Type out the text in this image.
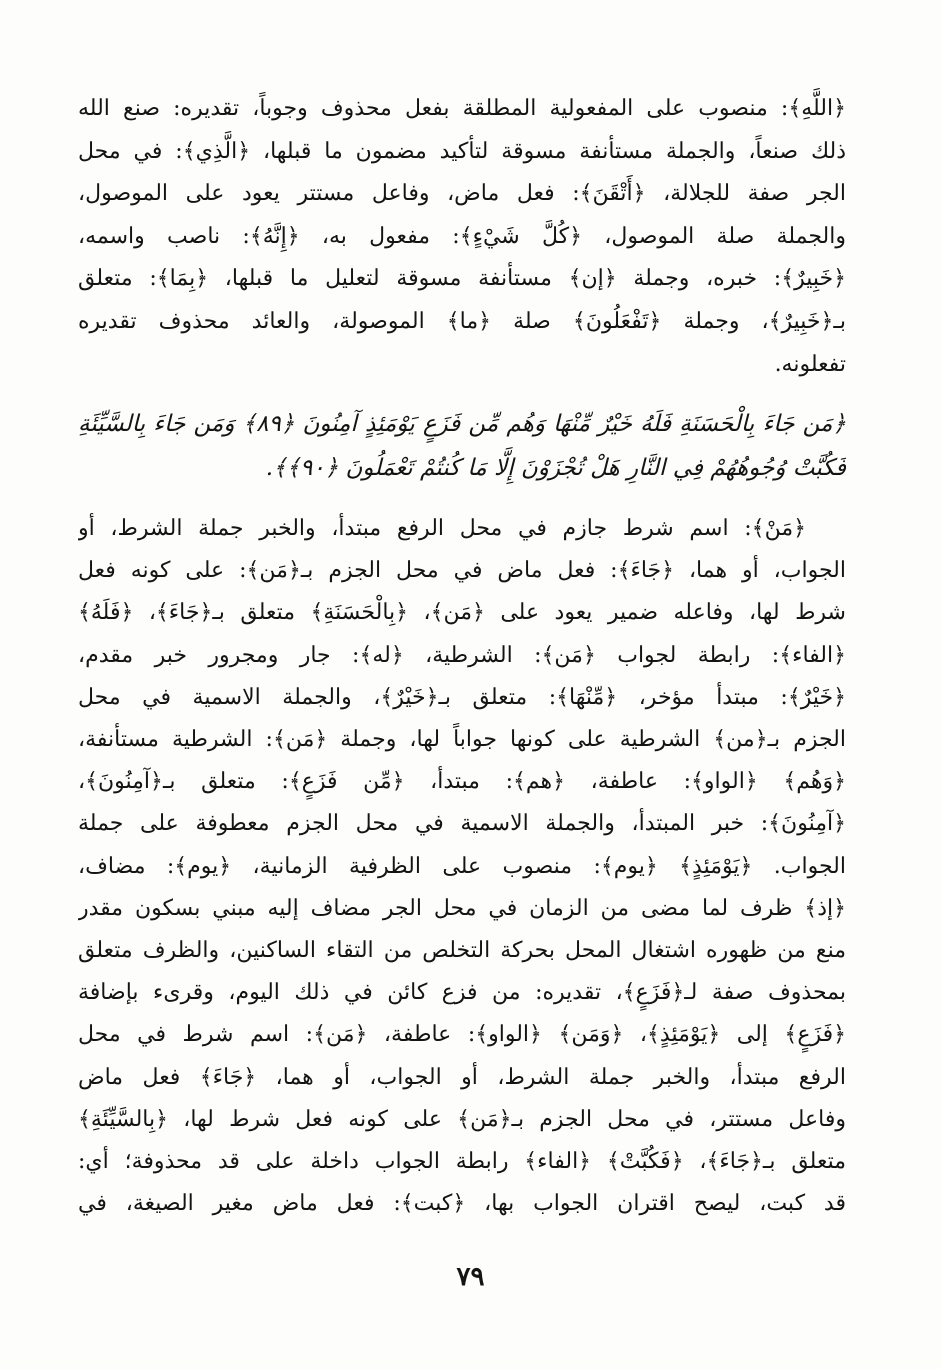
﴿اللَّهِ﴾: منصوب على المفعولية المطلقة بفعل محذوف وجوباً، تقديره: صنع الله
ذلك صنعاً، والجملة مستأنفة مسوقة لتأكيد مضمون ما قبلها، ﴿الَّذِي﴾: في محل
الجر صفة للجلالة، ﴿أَتْقَنَ﴾: فعل ماض، وفاعل مستتر يعود على الموصول،
والجملة صلة الموصول، ﴿كُلَّ شَيْءٍ﴾: مفعول به، ﴿إِنَّهُ﴾: ناصب واسمه،
﴿خَبِيرٌ﴾: خبره، وجملة ﴿إن﴾ مستأنفة مسوقة لتعليل ما قبلها، ﴿بِمَا﴾: متعلق
بـ﴿خَبِيرٌ﴾، وجملة ﴿تَفْعَلُونَ﴾ صلة ﴿ما﴾ الموصولة، والعائد محذوف تقديره
تفعلونه.
﴿مَن جَاءَ بِالْحَسَنَةِ فَلَهُ خَيْرٌ مِّنْهَا وَهُم مِّن فَزَعٍ يَوْمَئِذٍ آمِنُونَ ﴿٨٩﴾ وَمَن جَاءَ بِالسَّيِّئَةِ
فَكُبَّتْ وُجُوهُهُمْ فِي النَّارِ هَلْ تُجْزَوْنَ إِلَّا مَا كُنتُمْ تَعْمَلُونَ ﴿٩٠﴾﴾.
﴿مَنْ﴾: اسم شرط جازم في محل الرفع مبتدأ، والخبر جملة الشرط، أو
الجواب، أو هما، ﴿جَاءَ﴾: فعل ماض في محل الجزم بـ﴿مَن﴾: على كونه فعل
شرط لها، وفاعله ضمير يعود على ﴿مَن﴾، ﴿بِالْحَسَنَةِ﴾ متعلق بـ﴿جَاءَ﴾، ﴿فَلَهُ﴾
﴿الفاء﴾: رابطة لجواب ﴿مَن﴾: الشرطية، ﴿له﴾: جار ومجرور خبر مقدم،
﴿خَيْرٌ﴾: مبتدأ مؤخر، ﴿مِّنْهَا﴾: متعلق بـ﴿خَيْرٌ﴾، والجملة الاسمية في محل
الجزم بـ﴿من﴾ الشرطية على كونها جواباً لها، وجملة ﴿مَن﴾: الشرطية مستأنفة،
﴿وَهُم﴾ ﴿الواو﴾: عاطفة، ﴿هم﴾: مبتدأ، ﴿مِّن فَزَعٍ﴾: متعلق بـ﴿آمِنُونَ﴾،
﴿آمِنُونَ﴾: خبر المبتدأ، والجملة الاسمية في محل الجزم معطوفة على جملة
الجواب. ﴿يَوْمَئِذٍ﴾ ﴿يوم﴾: منصوب على الظرفية الزمانية، ﴿يوم﴾: مضاف،
﴿إذ﴾ ظرف لما مضى من الزمان في محل الجر مضاف إليه مبني بسكون مقدر
منع من ظهوره اشتغال المحل بحركة التخلص من التقاء الساكنين، والظرف متعلق
بمحذوف صفة لـ﴿فَزَعٍ﴾، تقديره: من فزع كائن في ذلك اليوم، وقرىء بإضافة
﴿فَزَعٍ﴾ إلى ﴿يَوْمَئِذٍ﴾، ﴿وَمَن﴾ ﴿الواو﴾: عاطفة، ﴿مَن﴾: اسم شرط في محل
الرفع مبتدأ، والخبر جملة الشرط، أو الجواب، أو هما، ﴿جَاءَ﴾ فعل ماض
وفاعل مستتر، في محل الجزم بـ﴿مَن﴾ على كونه فعل شرط لها، ﴿بِالسَّيِّئَةِ﴾
متعلق بـ﴿جَاءَ﴾، ﴿فَكُبَّتْ﴾ ﴿الفاء﴾ رابطة الجواب داخلة على قد محذوفة؛ أي:
قد كبت، ليصح اقتران الجواب بها، ﴿كبت﴾: فعل ماض مغير الصيغة، في
٧٩
